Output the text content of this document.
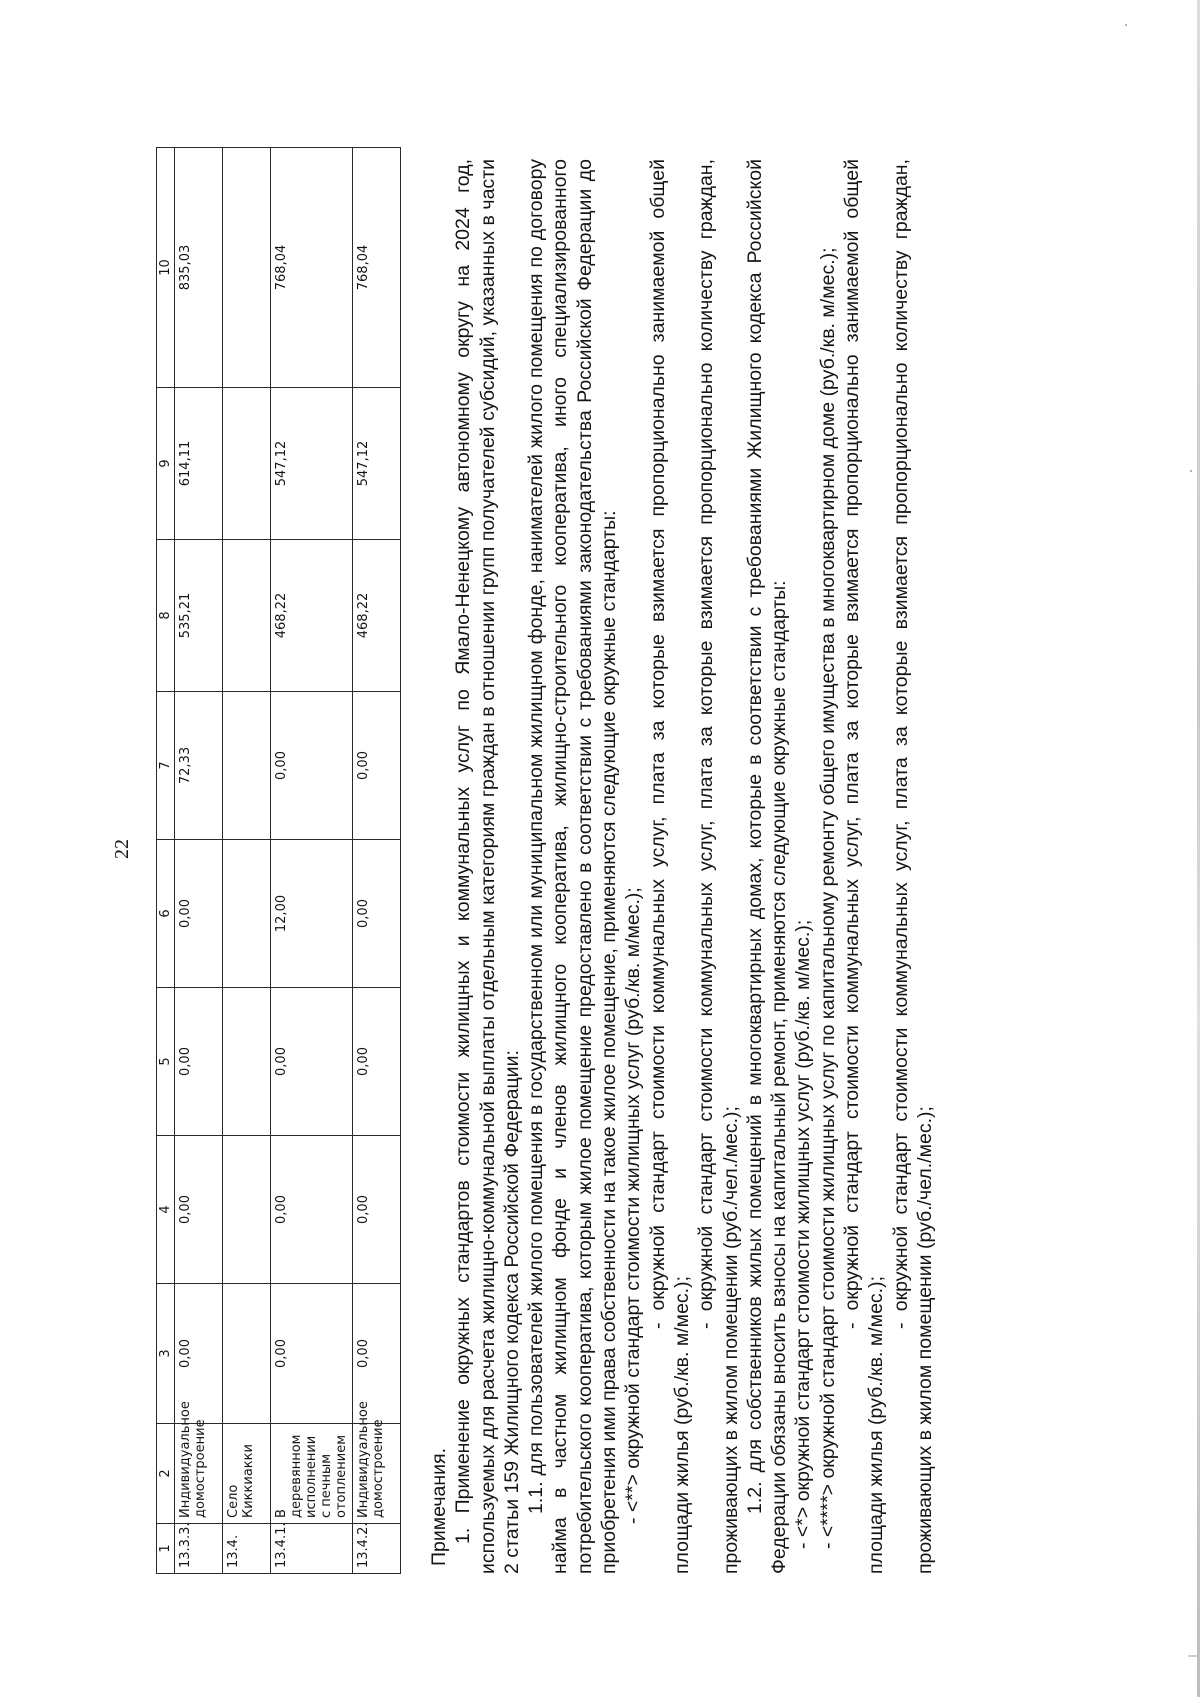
22
1	2	3	4	5	6	7	8	9	10
13.3.3.	Индивидуальное домостроение	0,00	0,00	0,00	0,00	72,33	535,21	614,11	835,03
13.4.	Село Киккиакки								
13.4.1.	В деревянном исполнении с печным отоплением	0,00	0,00	0,00	12,00	0,00	468,22	547,12	768,04
13.4.2.	Индивидуальное домостроение	0,00	0,00	0,00	0,00	0,00	468,22	547,12	768,04

Примечания. 1. Применение окружных стандартов стоимости жилищных и коммунальных услуг по Ямало-Ненецкому автономному округу на 2024 год, используемых для расчета жилищно-коммунальной выплаты отдельным категориям граждан в отношении групп получателей субсидий, указанных в части 2 статьи 159 Жилищного кодекса Российской Федерации: 1.1. для пользователей жилого помещения в государственном или муниципальном жилищном фонде, нанимателей жилого помещения по договору найма в частном жилищном фонде и членов жилищного кооператива, жилищно-строительного кооператива, иного специализированного потребительского кооператива, которым жилое помещение предоставлено в соответствии с требованиями законодательства Российской Федерации до приобретения ими права собственности на такое жилое помещение, применяются следующие окружные стандарты: - <**> окружной стандарт стоимости жилищных услуг (руб./кв. м/мес.); - окружной стандарт стоимости коммунальных услуг, плата за которые взимается пропорционально занимаемой общей площади жилья (руб./кв. м/мес.);

- окружной стандарт стоимости коммунальных услуг, плата за которые взимается пропорционально количеству граждан, проживающих в жилом помещении (руб./чел./мес.); 1.2. для собственников жилых помещений в многоквартирных домах, которые в соответствии с требованиями Жилищного кодекса Российской Федерации обязаны вносить взносы на капитальный ремонт, применяются следующие окружные стандарты: - <*> окружной стандарт стоимости жилищных услуг (руб./кв. м/мес.); - <****> окружной стандарт стоимости жилищных услуг по капитальному ремонту общего имущества в многоквартирном доме (руб./кв. м/мес.); - окружной стандарт стоимости коммунальных услуг, плата за которые взимается пропорционально занимаемой общей площади жилья (руб./кв. м/мес.);

- окружной стандарт стоимости коммунальных услуг, плата за которые взимается пропорционально количеству граждан, проживающих в жилом помещении (руб./чел./мес.);
